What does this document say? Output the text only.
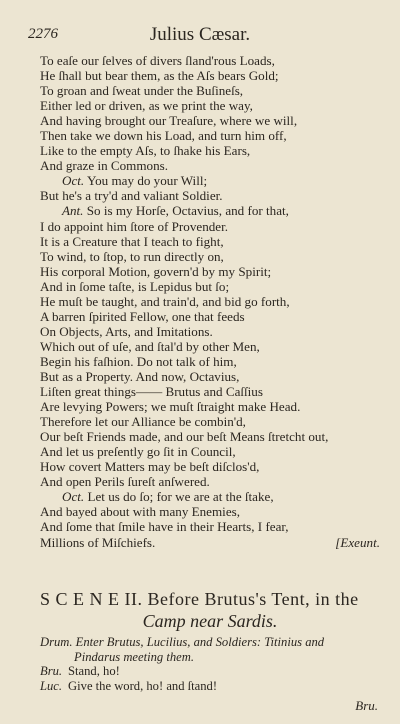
2276	Julius Cæsar.
To eaſe our ſelves of divers ſland'rous Loads,
He ſhall but bear them, as the Aſs bears Gold;
To groan and ſweat under the Buſineſs,
Either led or driven, as we print the way,
And having brought our Treaſure, where we will,
Then take we down his Load, and turn him off,
Like to the empty Aſs, to ſhake his Ears,
And graze in Commons.
Oct. You may do your Will;
But he's a try'd and valiant Soldier.
Ant. So is my Horſe, Octavius, and for that,
I do appoint him ſtore of Provender.
It is a Creature that I teach to fight,
To wind, to ſtop, to run directly on,
His corporal Motion, govern'd by my Spirit;
And in ſome taſte, is Lepidus but ſo;
He muſt be taught, and train'd, and bid go forth,
A barren ſpirited Fellow, one that feeds
On Objects, Arts, and Imitations.
Which out of uſe, and ſtal'd by other Men,
Begin his faſhion. Do not talk of him,
But as a Property. And now, Octavius,
Liſten great things—— Brutus and Caſſius
Are levying Powers; we muſt ſtraight make Head.
Therefore let our Alliance be combin'd,
Our beſt Friends made, and our beſt Means ſtretcht out,
And let us preſently go ſit in Council,
How covert Matters may be beſt diſclos'd,
And open Perils ſureſt anſwered.
Oct. Let us do ſo; for we are at the ſtake,
And bayed about with many Enemies,
And ſome that ſmile have in their Hearts, I fear,
Millions of Miſchiefs.	[Exeunt.
S C E N E II. Before Brutus's Tent, in the
Camp near Sardis.
Drum. Enter Brutus, Lucilius, and Soldiers: Titinius and
Pindarus meeting them.
Bru. Stand, ho!
Luc. Give the word, ho! and ſtand!
Bru.
